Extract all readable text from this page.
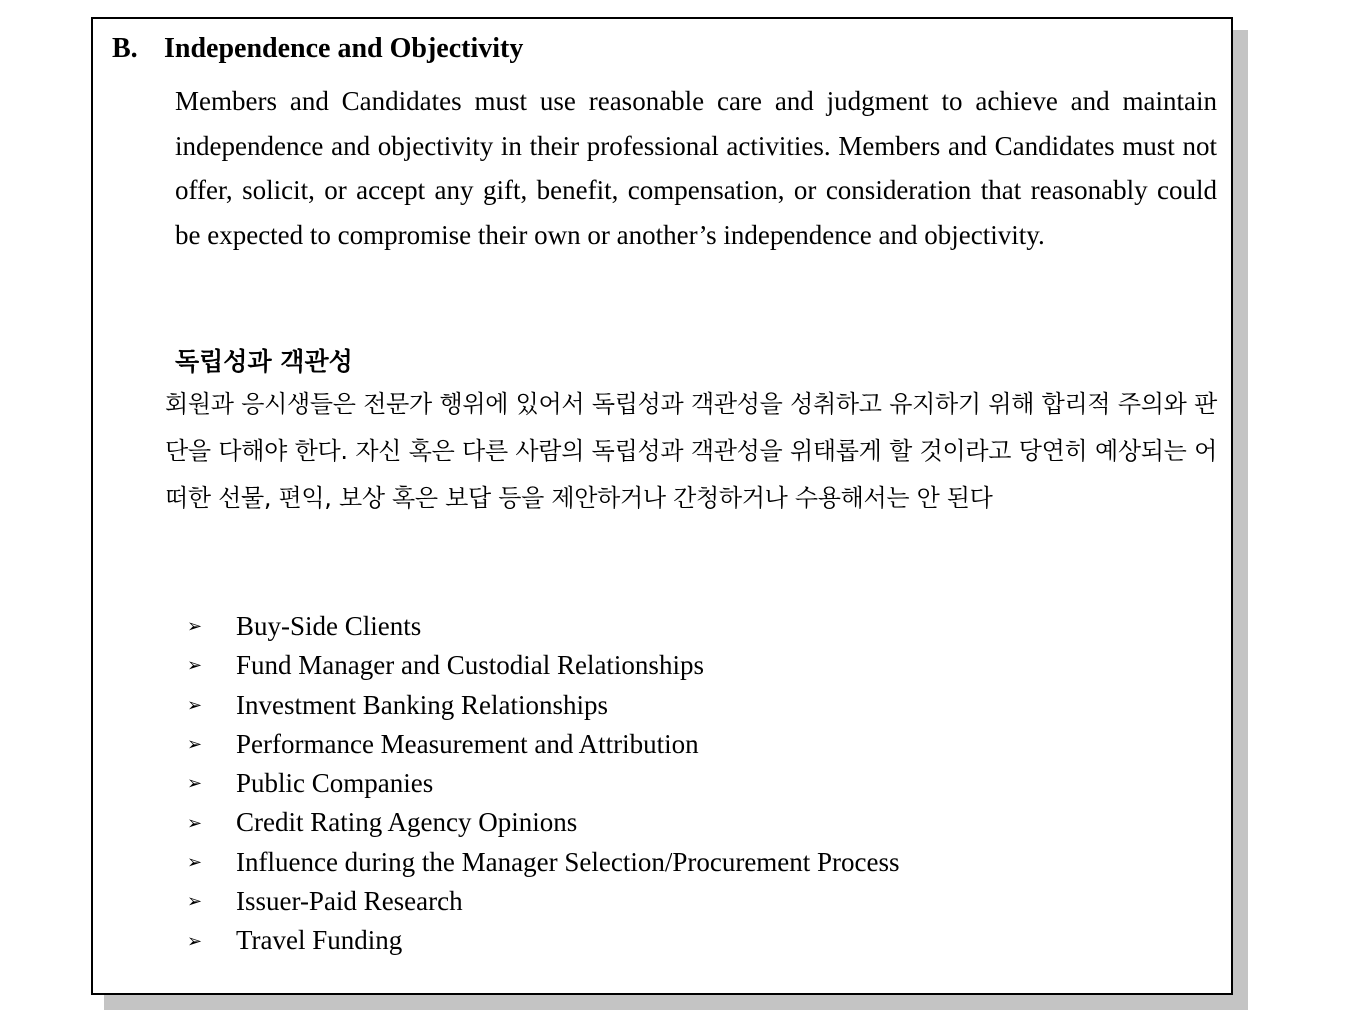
B. Independence and Objectivity

Members and Candidates must use reasonable care and judgment to achieve and maintain independence and objectivity in their professional activities. Members and Candidates must not offer, solicit, or accept any gift, benefit, compensation, or consideration that reasonably could be expected to compromise their own or another’s independence and objectivity.

독립성과 객관성

회원과 응시생들은 전문가 행위에 있어서 독립성과 객관성을 성취하고 유지하기 위해 합리적 주의와 판단을 다해야 한다. 자신 혹은 다른 사람의 독립성과 객관성을 위태롭게 할 것이라고 당연히 예상되는 어떠한 선물, 편익, 보상 혹은 보답 등을 제안하거나 간청하거나 수용해서는 안 된다

➢ Buy-Side Clients
➢ Fund Manager and Custodial Relationships
➢ Investment Banking Relationships
➢ Performance Measurement and Attribution
➢ Public Companies
➢ Credit Rating Agency Opinions
➢ Influence during the Manager Selection/Procurement Process
➢ Issuer-Paid Research
➢ Travel Funding
